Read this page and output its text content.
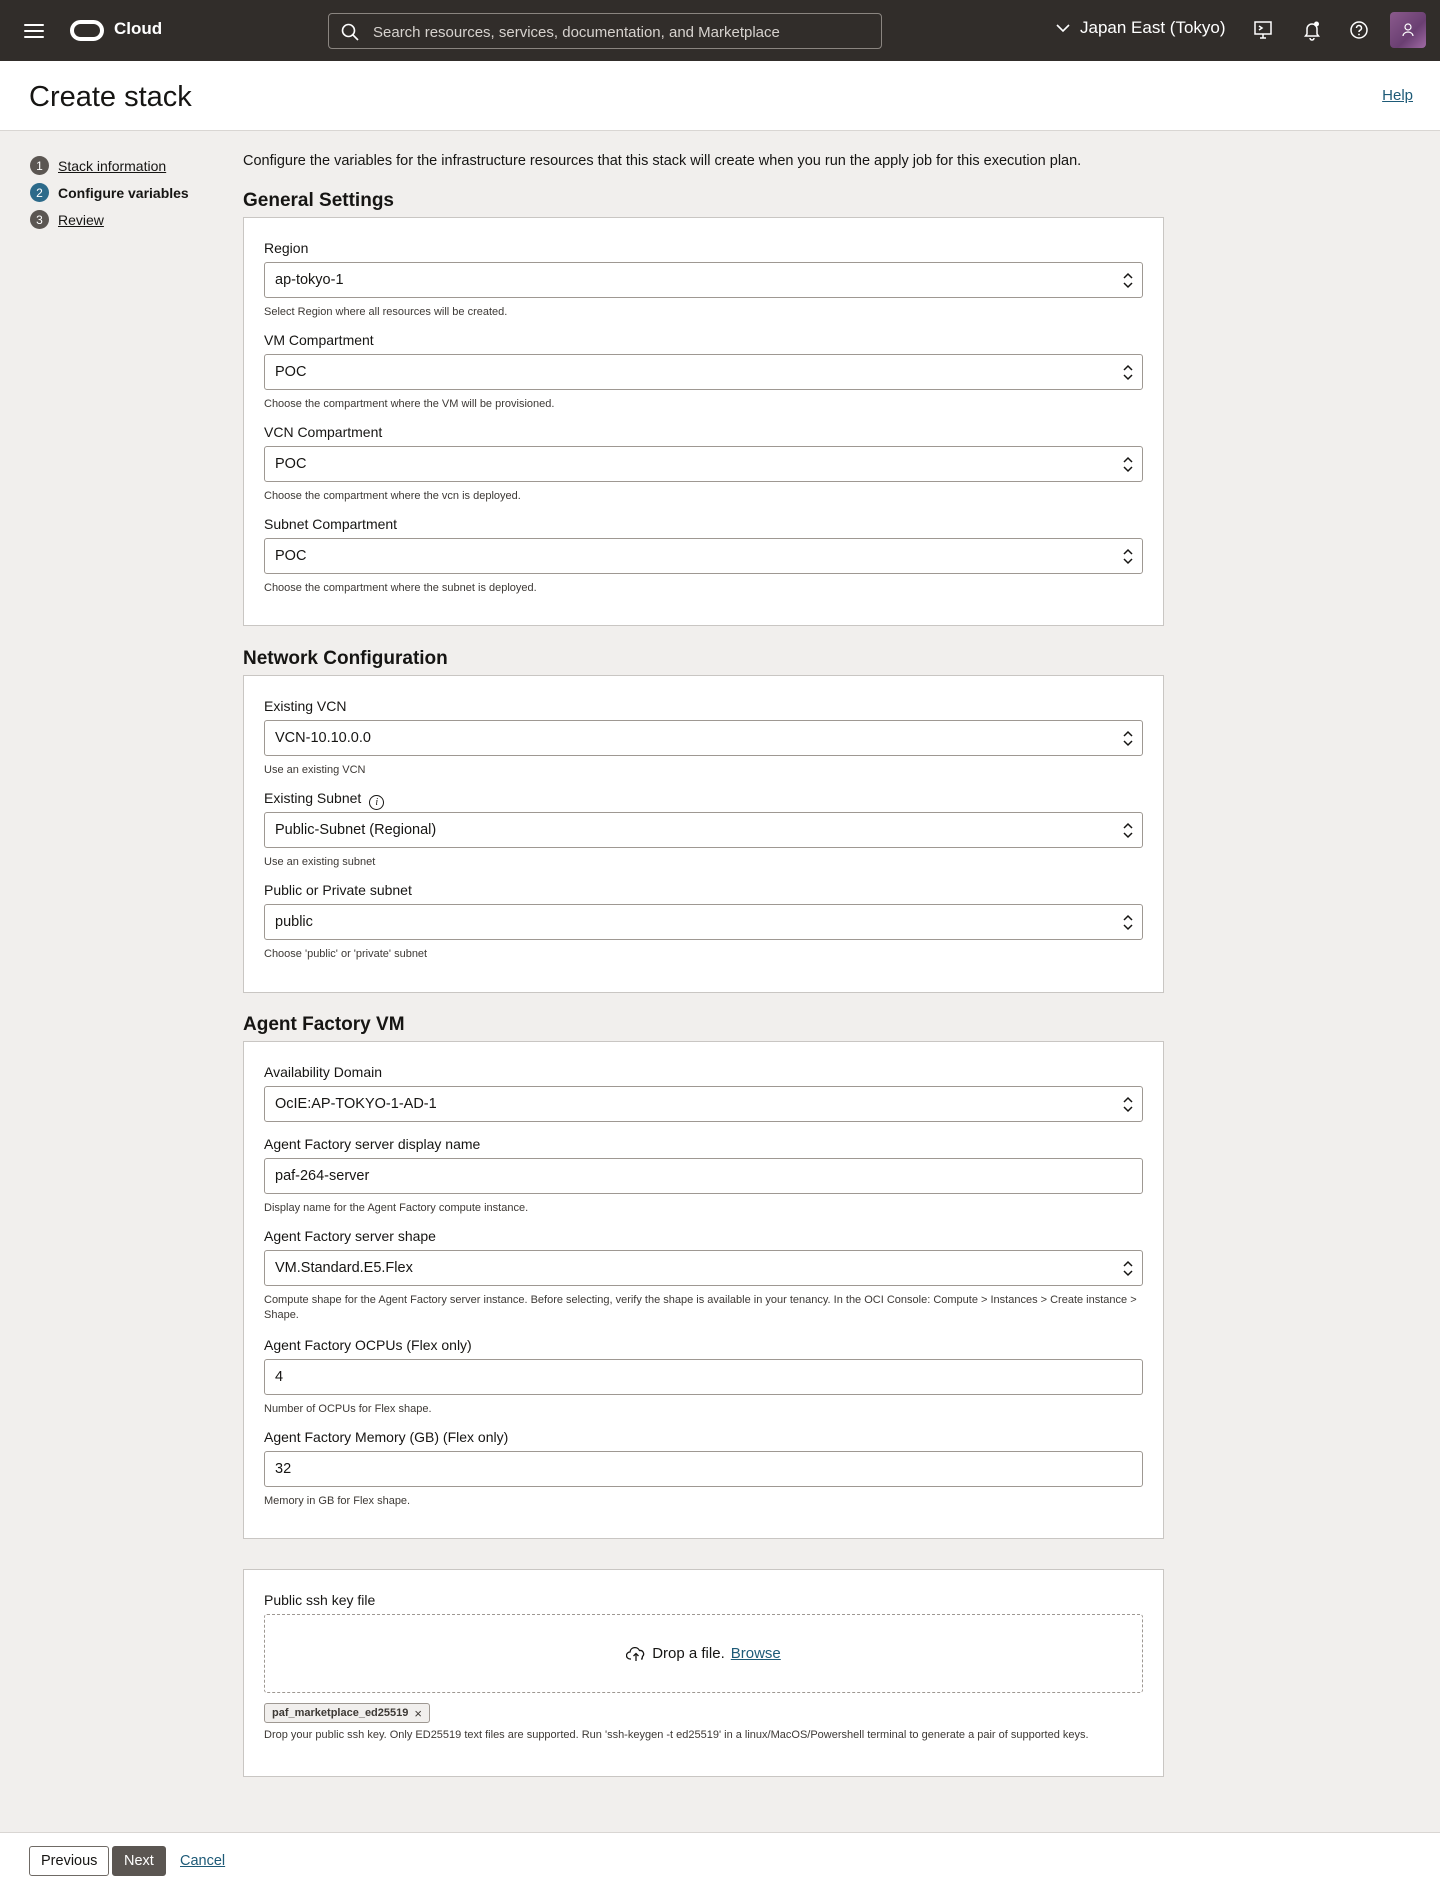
Cloud
Search resources, services, documentation, and Marketplace	Japan East (Tokyo)
Create stack	Help
1	Stack information
2	Configure variables
3	Review
Configure the variables for the infrastructure resources that this stack will create when you run the apply job for this execution plan.
General Settings
Region
ap-tokyo-1
Select Region where all resources will be created.
VM Compartment
POC
Choose the compartment where the VM will be provisioned.
VCN Compartment
POC
Choose the compartment where the vcn is deployed.
Subnet Compartment
POC
Choose the compartment where the subnet is deployed.
Network Configuration
Existing VCN
VCN-10.10.0.0
Use an existing VCN
Existing Subnet i
Public-Subnet (Regional)
Use an existing subnet
Public or Private subnet
public
Choose 'public' or 'private' subnet
Agent Factory VM
Availability Domain
OcIE:AP-TOKYO-1-AD-1
Agent Factory server display name
paf-264-server
Display name for the Agent Factory compute instance.
Agent Factory server shape
VM.Standard.E5.Flex
Compute shape for the Agent Factory server instance. Before selecting, verify the shape is available in your tenancy. In the OCI Console: Compute > Instances > Create instance > Shape.
Agent Factory OCPUs (Flex only)
4
Number of OCPUs for Flex shape.
Agent Factory Memory (GB) (Flex only)
32
Memory in GB for Flex shape.
Public ssh key file
Drop a file. Browse
paf_marketplace_ed25519 ×
Drop your public ssh key. Only ED25519 text files are supported. Run 'ssh-keygen -t ed25519' in a linux/MacOS/Powershell terminal to generate a pair of supported keys.
Previous	Next	Cancel
